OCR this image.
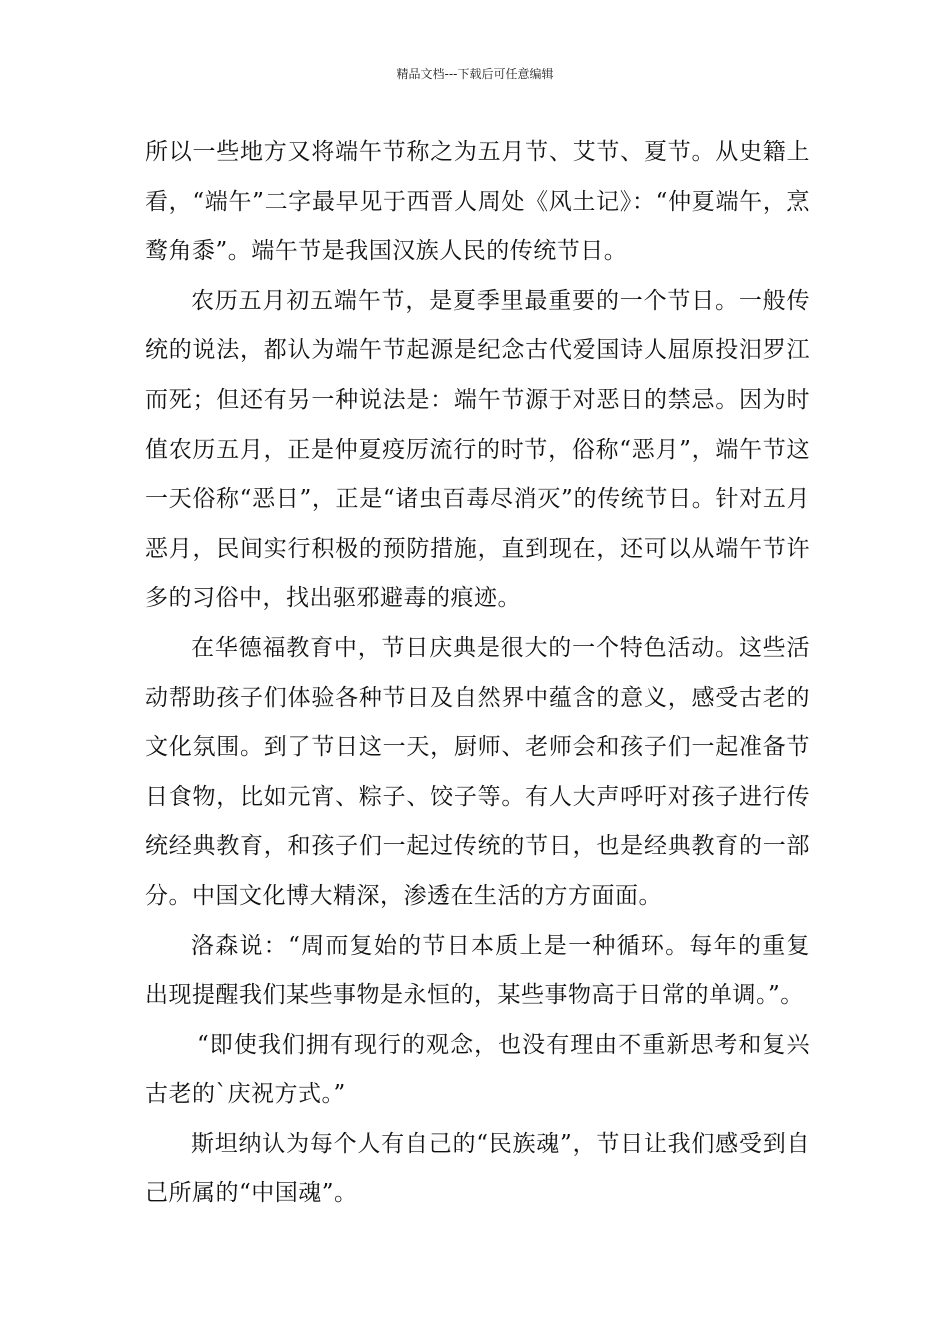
精品文档---下载后可任意编辑

所以一些地方又将端午节称之为五月节、艾节、夏节。从史籍上看，“端午”二字最早见于西晋人周处《风土记》：“仲夏端午，烹鹜角黍”。端午节是我国汉族人民的传统节日。

农历五月初五端午节，是夏季里最重要的一个节日。一般传统的说法，都认为端午节起源是纪念古代爱国诗人屈原投汨罗江而死；但还有另一种说法是：端午节源于对恶日的禁忌。因为时值农历五月，正是仲夏疫厉流行的时节，俗称“恶月”，端午节这一天俗称“恶日”，正是“诸虫百毒尽消灭”的传统节日。针对五月恶月，民间实行积极的预防措施，直到现在，还可以从端午节许多的习俗中，找出驱邪避毒的痕迹。

在华德福教育中，节日庆典是很大的一个特色活动。这些活动帮助孩子们体验各种节日及自然界中蕴含的意义，感受古老的文化氛围。到了节日这一天，厨师、老师会和孩子们一起准备节日食物，比如元宵、粽子、饺子等。有人大声呼吁对孩子进行传统经典教育，和孩子们一起过传统的节日，也是经典教育的一部分。中国文化博大精深，渗透在生活的方方面面。

洛森说：“周而复始的节日本质上是一种循环。每年的重复出现提醒我们某些事物是永恒的，某些事物高于日常的单调。”。

“即使我们拥有现行的观念，也没有理由不重新思考和复兴古老的`庆祝方式。”

斯坦纳认为每个人有自己的“民族魂”，节日让我们感受到自己所属的“中国魂”。
